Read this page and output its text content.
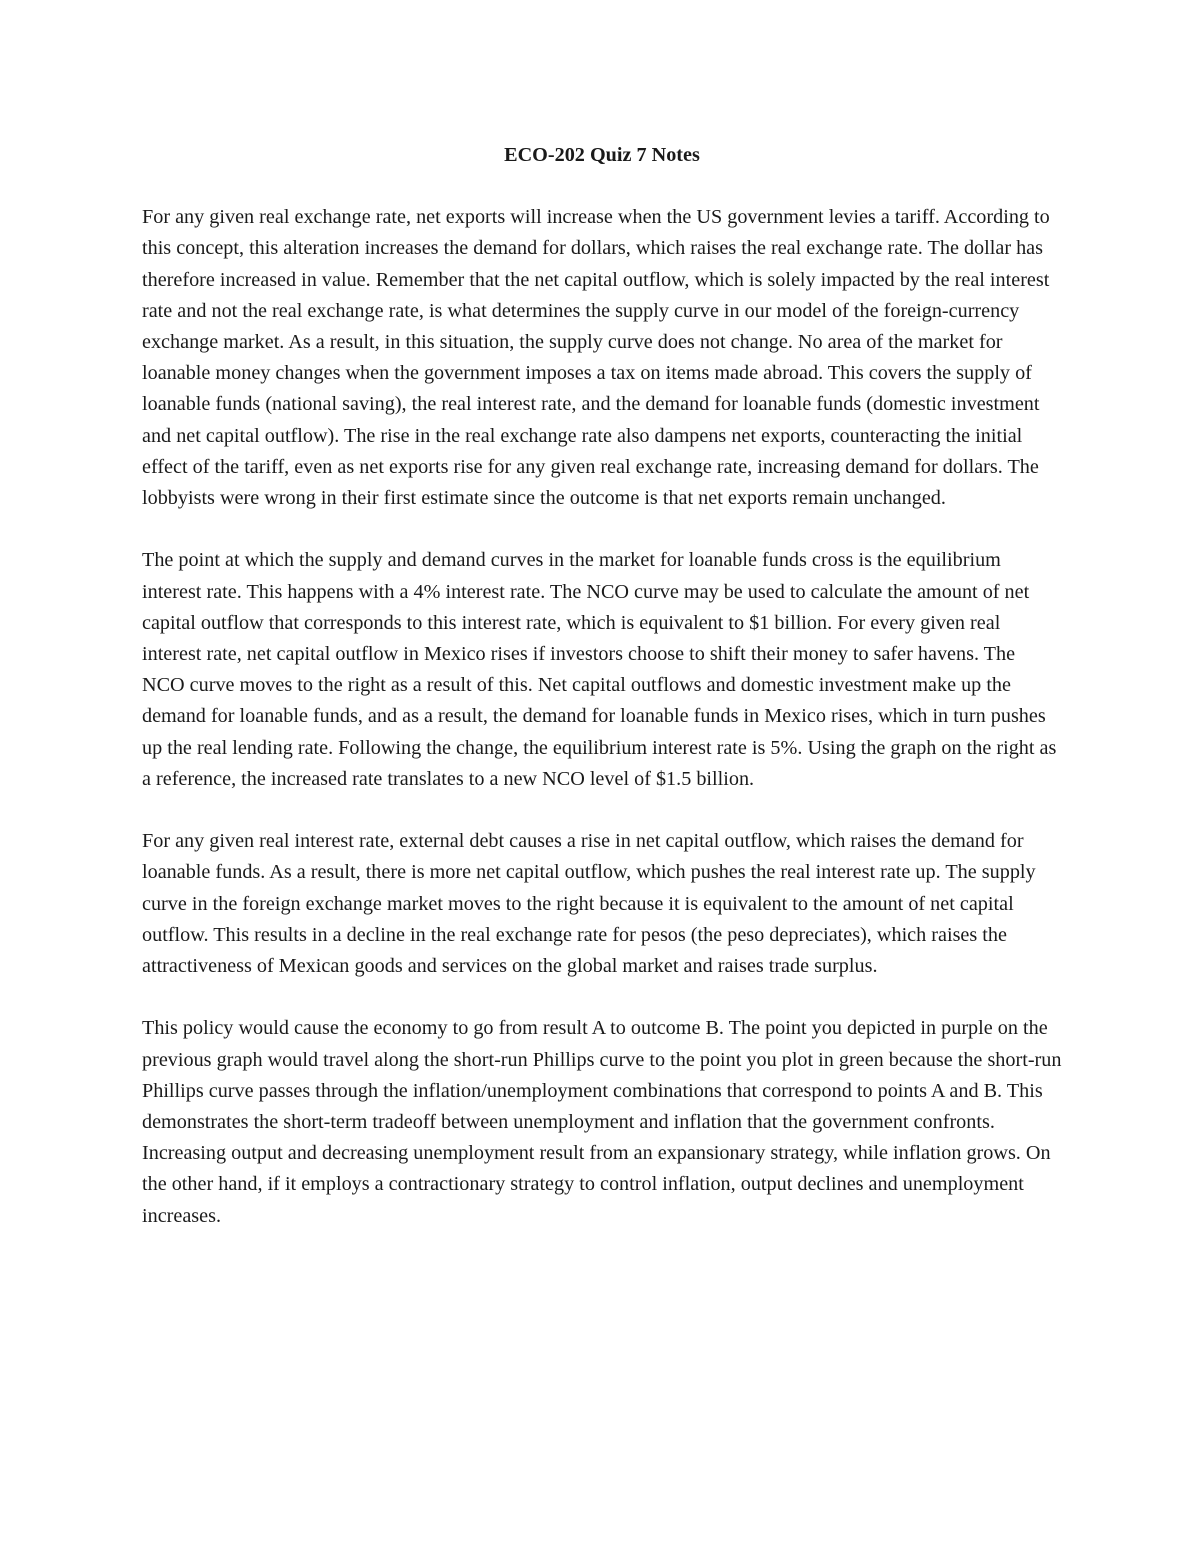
ECO-202 Quiz 7 Notes

For any given real exchange rate, net exports will increase when the US government levies a tariff. According to this concept, this alteration increases the demand for dollars, which raises the real exchange rate. The dollar has therefore increased in value. Remember that the net capital outflow, which is solely impacted by the real interest rate and not the real exchange rate, is what determines the supply curve in our model of the foreign-currency exchange market. As a result, in this situation, the supply curve does not change. No area of the market for loanable money changes when the government imposes a tax on items made abroad. This covers the supply of loanable funds (national saving), the real interest rate, and the demand for loanable funds (domestic investment and net capital outflow). The rise in the real exchange rate also dampens net exports, counteracting the initial effect of the tariff, even as net exports rise for any given real exchange rate, increasing demand for dollars. The lobbyists were wrong in their first estimate since the outcome is that net exports remain unchanged.

The point at which the supply and demand curves in the market for loanable funds cross is the equilibrium interest rate. This happens with a 4% interest rate. The NCO curve may be used to calculate the amount of net capital outflow that corresponds to this interest rate, which is equivalent to $1 billion. For every given real interest rate, net capital outflow in Mexico rises if investors choose to shift their money to safer havens. The NCO curve moves to the right as a result of this. Net capital outflows and domestic investment make up the demand for loanable funds, and as a result, the demand for loanable funds in Mexico rises, which in turn pushes up the real lending rate. Following the change, the equilibrium interest rate is 5%. Using the graph on the right as a reference, the increased rate translates to a new NCO level of $1.5 billion.

For any given real interest rate, external debt causes a rise in net capital outflow, which raises the demand for loanable funds. As a result, there is more net capital outflow, which pushes the real interest rate up. The supply curve in the foreign exchange market moves to the right because it is equivalent to the amount of net capital outflow. This results in a decline in the real exchange rate for pesos (the peso depreciates), which raises the attractiveness of Mexican goods and services on the global market and raises trade surplus.

This policy would cause the economy to go from result A to outcome B. The point you depicted in purple on the previous graph would travel along the short-run Phillips curve to the point you plot in green because the short-run Phillips curve passes through the inflation/unemployment combinations that correspond to points A and B. This demonstrates the short-term tradeoff between unemployment and inflation that the government confronts. Increasing output and decreasing unemployment result from an expansionary strategy, while inflation grows. On the other hand, if it employs a contractionary strategy to control inflation, output declines and unemployment increases.
